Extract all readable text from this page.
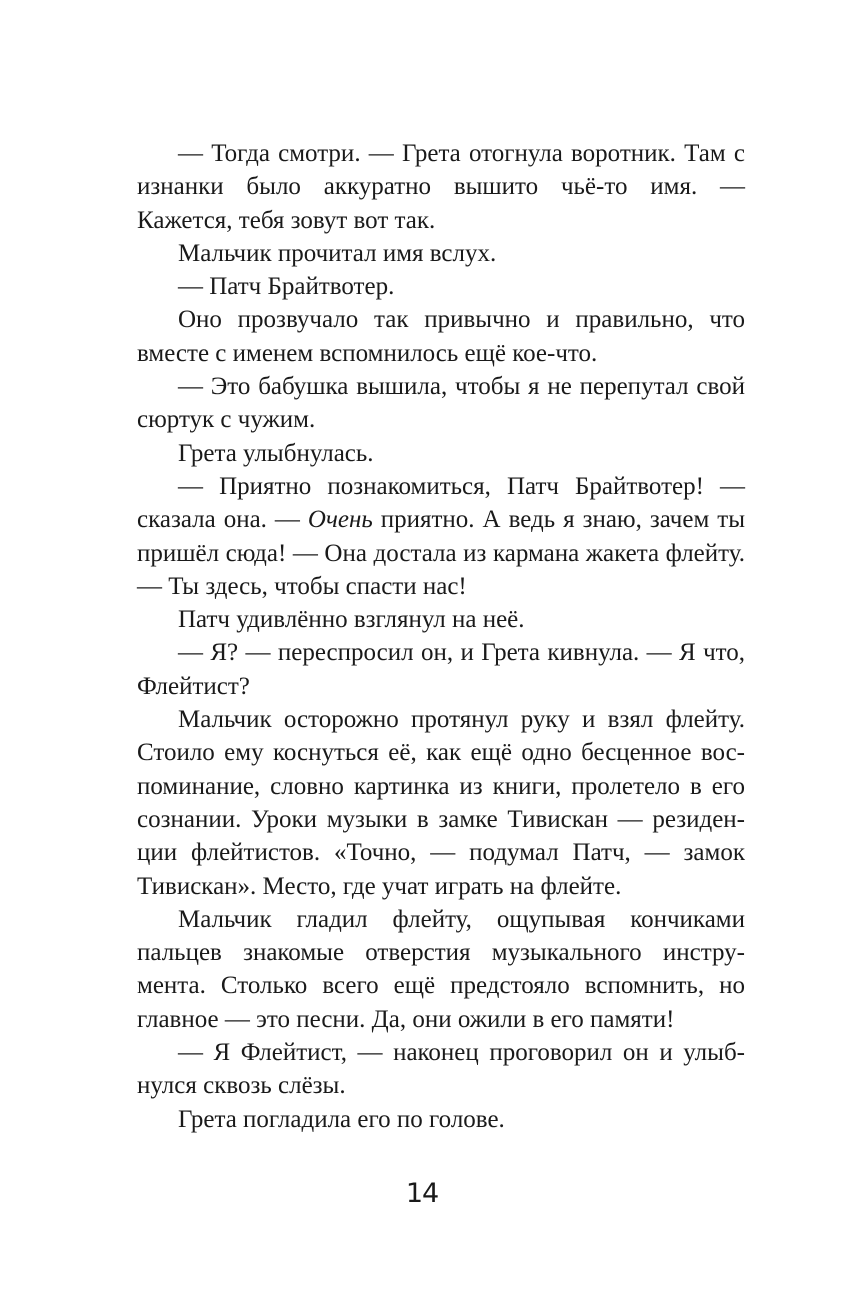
— Тогда смотри. — Грета отогнула воротник. Там с изнанки было аккуратно вышито чьё-то имя. — Кажется, тебя зовут вот так.

Мальчик прочитал имя вслух.

— Патч Брайтвотер.

Оно прозвучало так привычно и правильно, что вместе с именем вспомнилось ещё кое-что.

— Это бабушка вышила, чтобы я не перепутал свой сюртук с чужим.

Грета улыбнулась.

— Приятно познакомиться, Патч Брайтвотер! — сказала она. — Очень приятно. А ведь я знаю, зачем ты пришёл сюда! — Она достала из кармана жакета флейту. — Ты здесь, чтобы спасти нас!

Патч удивлённо взглянул на неё.

— Я? — переспросил он, и Грета кивнула. — Я что, Флейтист?

Мальчик осторожно протянул руку и взял флейту. Стоило ему коснуться её, как ещё одно бесценное воспоминание, словно картинка из книги, пролетело в его сознании. Уроки музыки в замке Тивискан — резиденции флейтистов. «Точно, — подумал Патч, — замок Тивискан». Место, где учат играть на флейте.

Мальчик гладил флейту, ощупывая кончиками пальцев знакомые отверстия музыкального инструмента. Столько всего ещё предстояло вспомнить, но главное — это песни. Да, они ожили в его памяти!

— Я Флейтист, — наконец проговорил он и улыбнулся сквозь слёзы.

Грета погладила его по голове.

14
